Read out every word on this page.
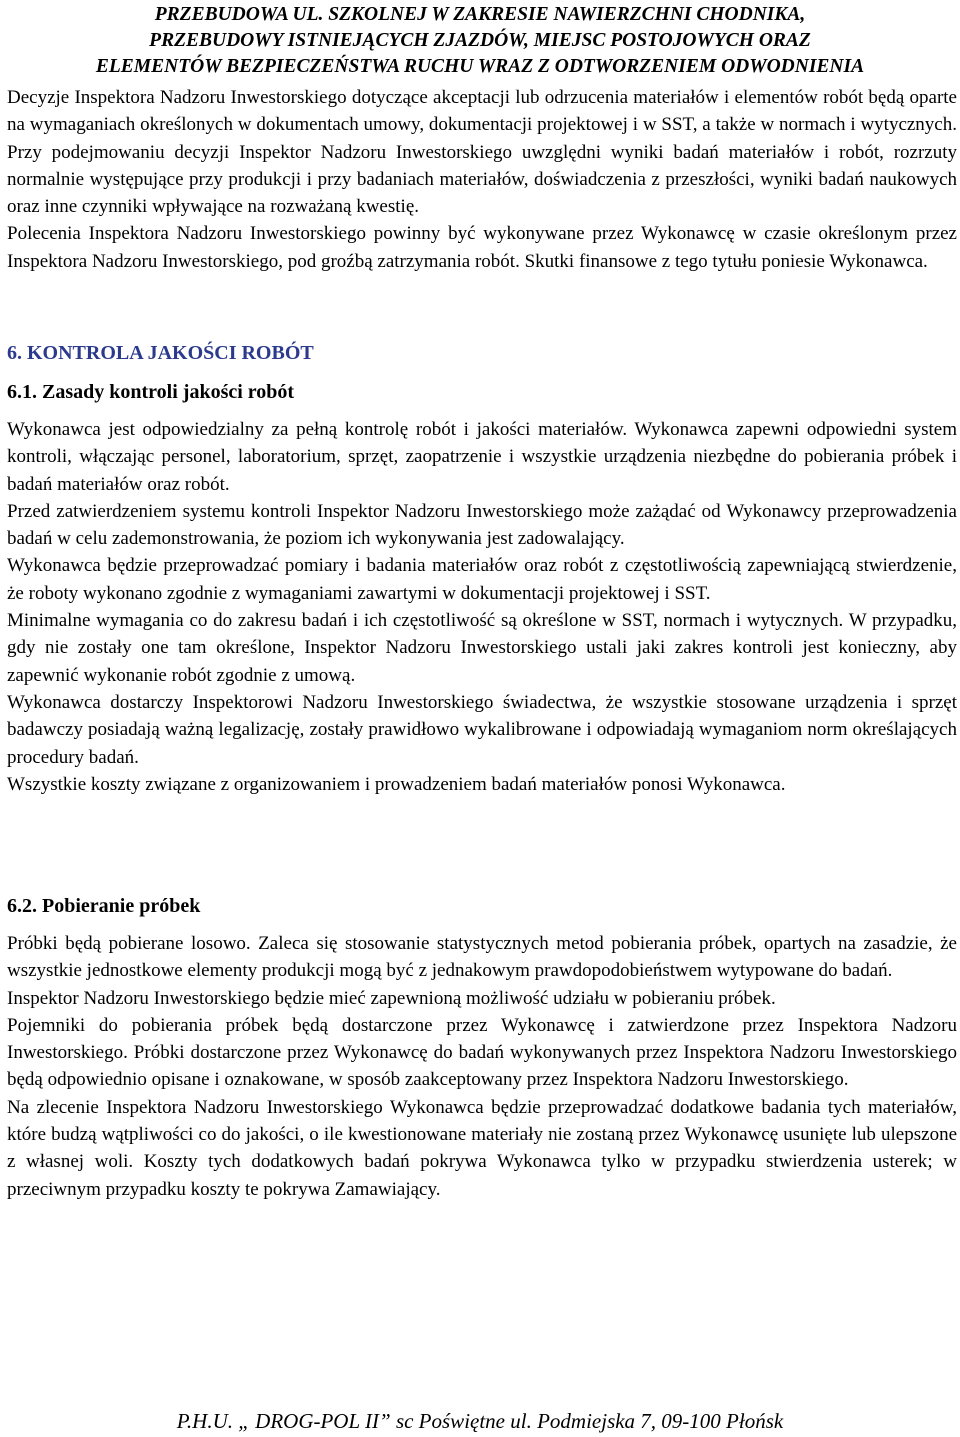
PRZEBUDOWA UL. SZKOLNEJ W ZAKRESIE NAWIERZCHNI CHODNIKA,
PRZEBUDOWY ISTNIEJĄCYCH ZJAZDÓW, MIEJSC POSTOJOWYCH ORAZ
ELEMENTÓW BEZPIECZEŃSTWA RUCHU WRAZ Z ODTWORZENIEM ODWODNIENIA

Decyzje Inspektora Nadzoru Inwestorskiego dotyczące akceptacji lub odrzucenia materiałów i elementów robót będą oparte na wymaganiach określonych w dokumentach umowy, dokumentacji projektowej i w SST, a także w normach i wytycznych. Przy podejmowaniu decyzji Inspektor Nadzoru Inwestorskiego uwzględni wyniki badań materiałów i robót, rozrzuty normalnie występujące przy produkcji i przy badaniach materiałów, doświadczenia z przeszłości, wyniki badań naukowych oraz inne czynniki wpływające na rozważaną kwestię.

Polecenia Inspektora Nadzoru Inwestorskiego powinny być wykonywane przez Wykonawcę w czasie określonym przez Inspektora Nadzoru Inwestorskiego, pod groźbą zatrzymania robót. Skutki finansowe z tego tytułu poniesie Wykonawca.

6. KONTROLA JAKOŚCI ROBÓT

6.1. Zasady kontroli jakości robót

Wykonawca jest odpowiedzialny za pełną kontrolę robót i jakości materiałów. Wykonawca zapewni odpowiedni system kontroli, włączając personel, laboratorium, sprzęt, zaopatrzenie i wszystkie urządzenia niezbędne do pobierania próbek i badań materiałów oraz robót.

Przed zatwierdzeniem systemu kontroli Inspektor Nadzoru Inwestorskiego może zażądać od Wykonawcy przeprowadzenia badań w celu zademonstrowania, że poziom ich wykonywania jest zadowalający.

Wykonawca będzie przeprowadzać pomiary i badania materiałów oraz robót z częstotliwością zapewniającą stwierdzenie, że roboty wykonano zgodnie z wymaganiami zawartymi w dokumentacji projektowej i SST.

Minimalne wymagania co do zakresu badań i ich częstotliwość są określone w SST, normach i wytycznych. W przypadku, gdy nie zostały one tam określone, Inspektor Nadzoru Inwestorskiego ustali jaki zakres kontroli jest konieczny, aby zapewnić wykonanie robót zgodnie z umową.

Wykonawca dostarczy Inspektorowi Nadzoru Inwestorskiego świadectwa, że wszystkie stosowane urządzenia i sprzęt badawczy posiadają ważną legalizację, zostały prawidłowo wykalibrowane i odpowiadają wymaganiom norm określających procedury badań.

Wszystkie koszty związane z organizowaniem i prowadzeniem badań materiałów ponosi Wykonawca.

6.2. Pobieranie próbek

Próbki będą pobierane losowo. Zaleca się stosowanie statystycznych metod pobierania próbek, opartych na zasadzie, że wszystkie jednostkowe elementy produkcji mogą być z jednakowym prawdopodobieństwem wytypowane do badań.

Inspektor Nadzoru Inwestorskiego będzie mieć zapewnioną możliwość udziału w pobieraniu próbek.

Pojemniki do pobierania próbek będą dostarczone przez Wykonawcę i zatwierdzone przez Inspektora Nadzoru Inwestorskiego. Próbki dostarczone przez Wykonawcę do badań wykonywanych przez Inspektora Nadzoru Inwestorskiego będą odpowiednio opisane i oznakowane, w sposób zaakceptowany przez Inspektora Nadzoru Inwestorskiego.

Na zlecenie Inspektora Nadzoru Inwestorskiego Wykonawca będzie przeprowadzać dodatkowe badania tych materiałów, które budzą wątpliwości co do jakości, o ile kwestionowane materiały nie zostaną przez Wykonawcę usunięte lub ulepszone z własnej woli. Koszty tych dodatkowych badań pokrywa Wykonawca tylko w przypadku stwierdzenia usterek; w przeciwnym przypadku koszty te pokrywa Zamawiający.

P.H.U. „ DROG-POL II” sc Poświętne ul. Podmiejska 7, 09-100 Płońsk
